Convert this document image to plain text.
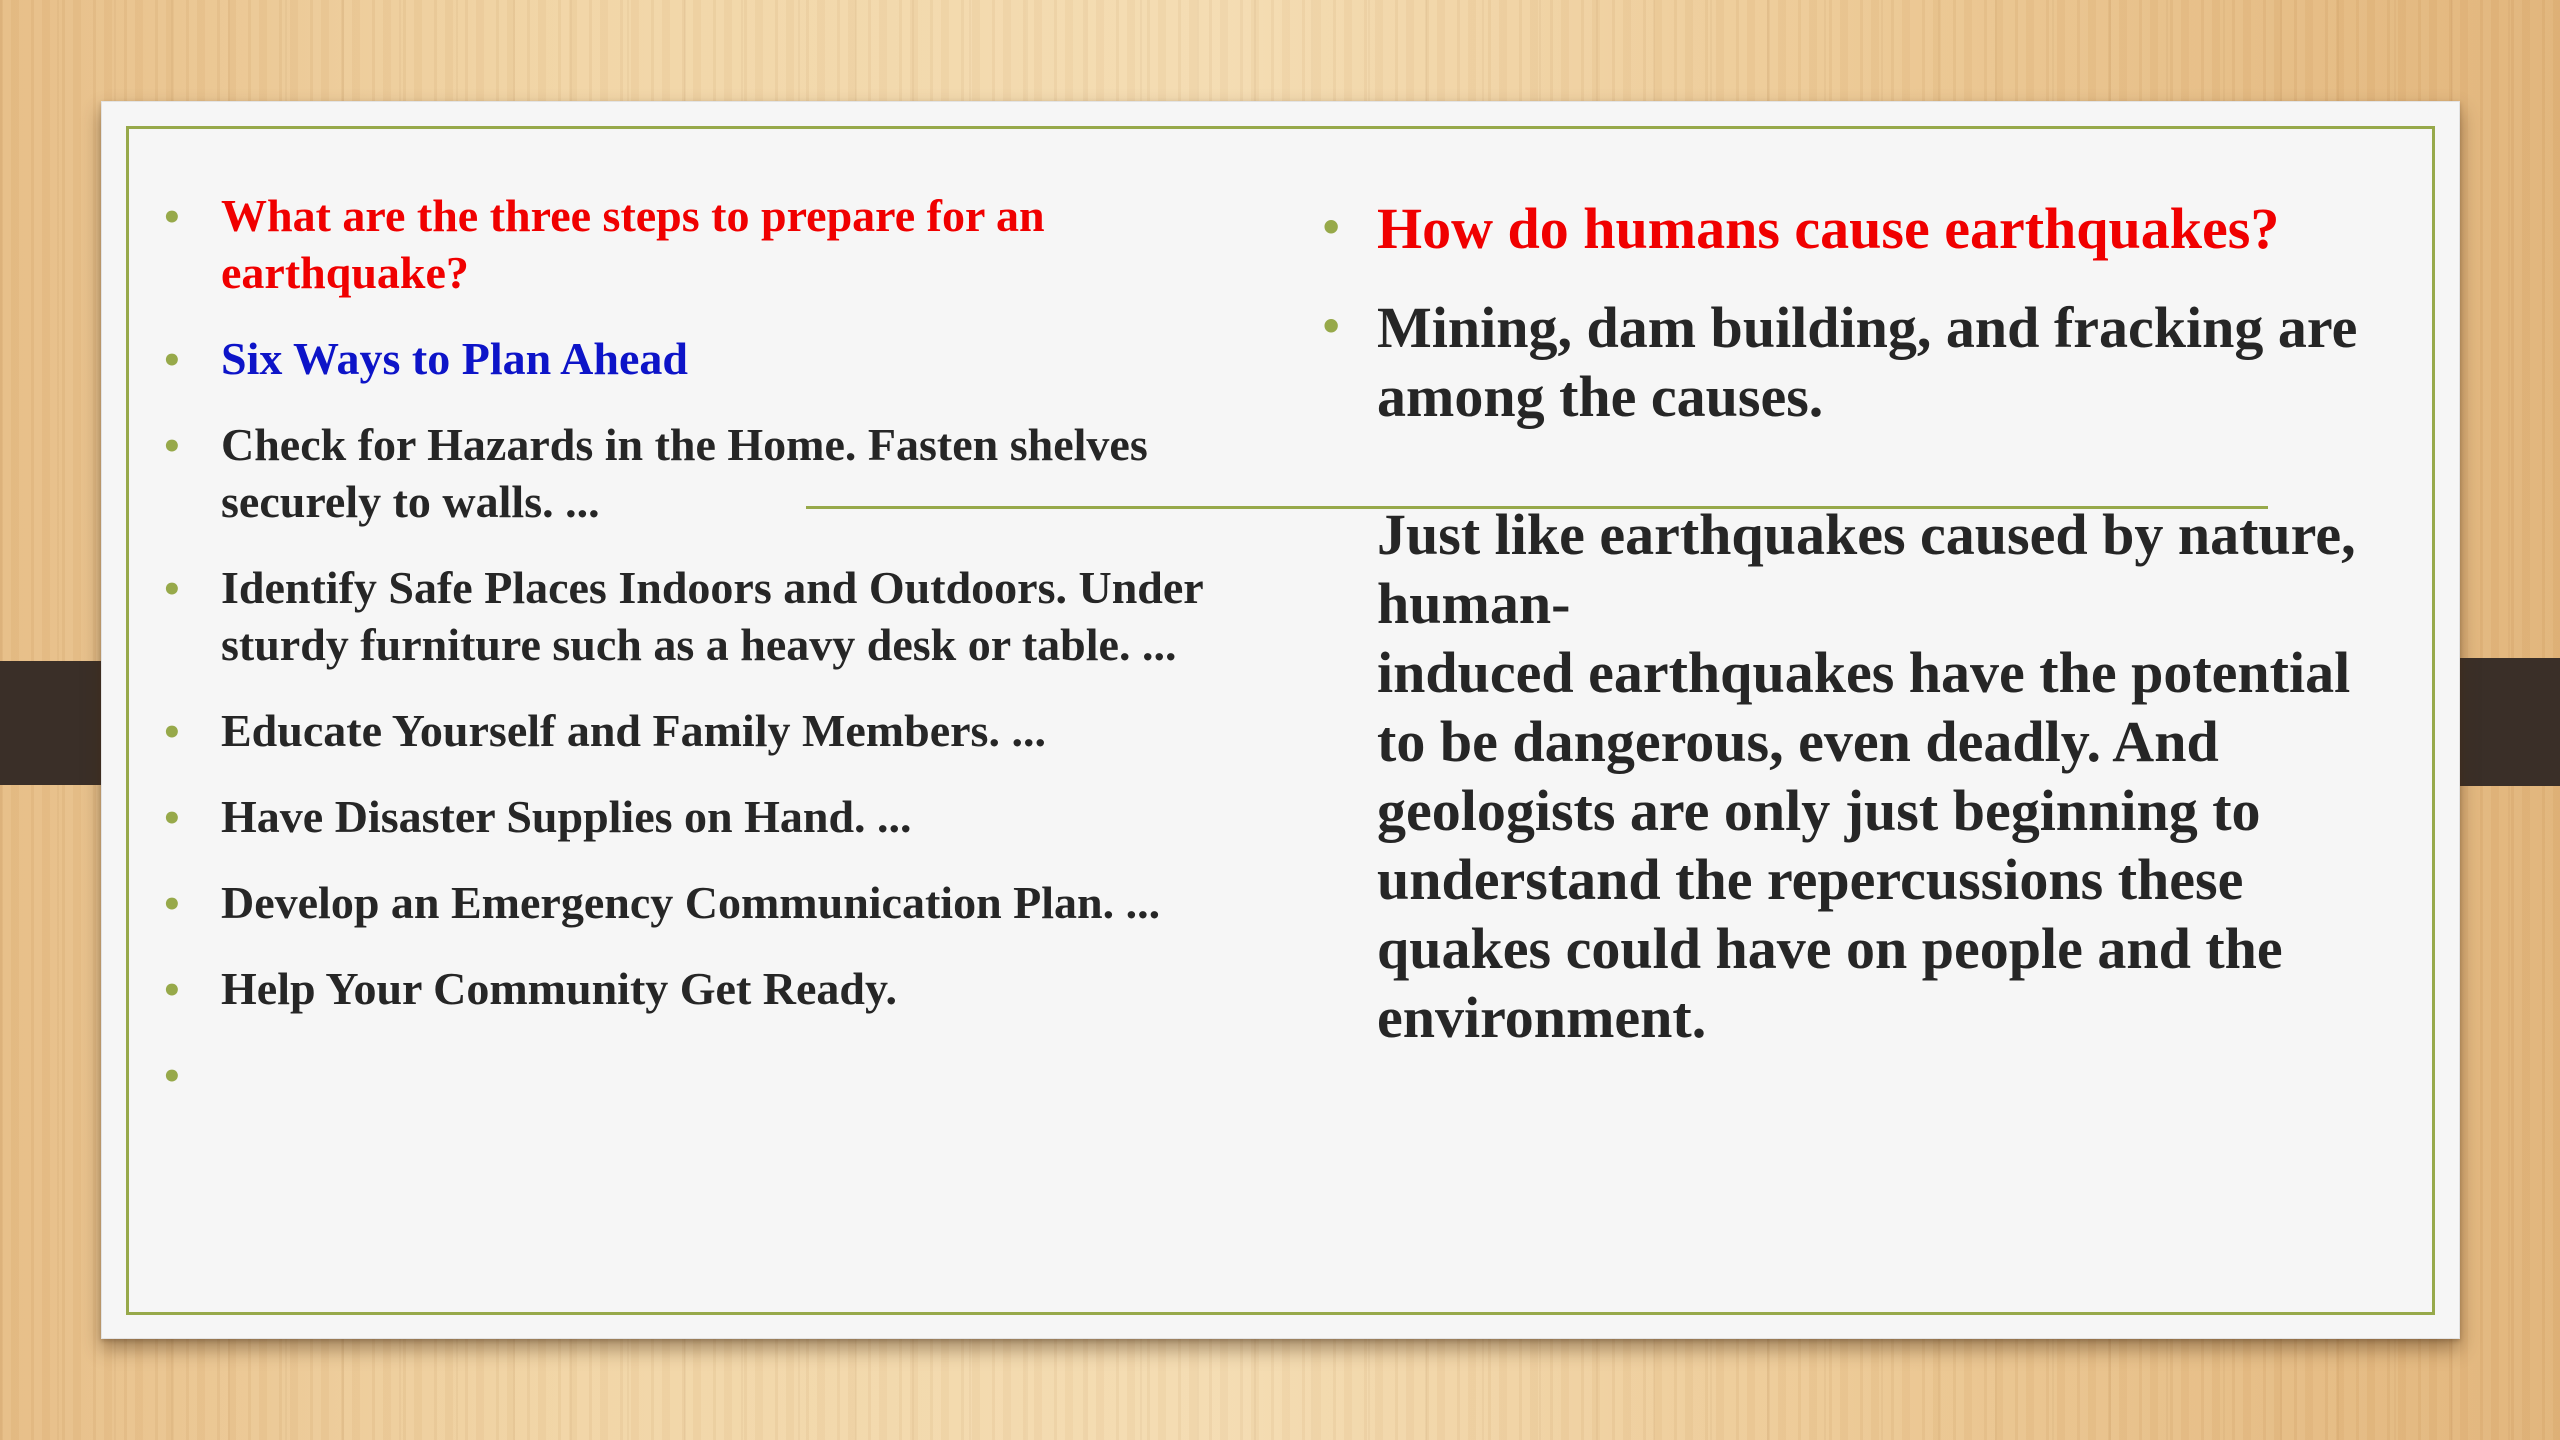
• What are the three steps to prepare for an earthquake?
• Six Ways to Plan Ahead
• Check for Hazards in the Home. Fasten shelves securely to walls. ...
• Identify Safe Places Indoors and Outdoors. Under sturdy furniture such as a heavy desk or table. ...
• Educate Yourself and Family Members. ...
• Have Disaster Supplies on Hand. ...
• Develop an Emergency Communication Plan. ...
• Help Your Community Get Ready.
•

• How do humans cause earthquakes?
• Mining, dam building, and fracking are among the causes.
Just like earthquakes caused by nature, human-
induced earthquakes have the potential to be dangerous, even deadly. And geologists are only just beginning to understand the repercussions these quakes could have on people and the environment.
